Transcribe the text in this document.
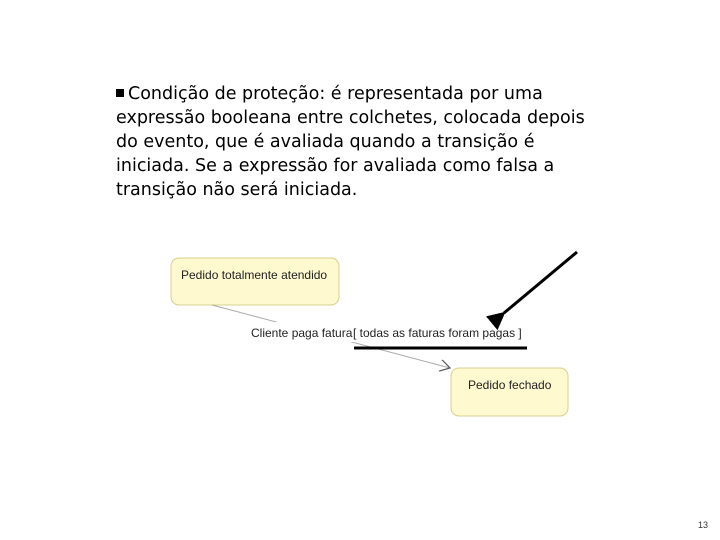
Condição de proteção: é representada por uma expressão booleana entre colchetes, colocada depois do evento, que é avaliada quando a transição é iniciada. Se a expressão for avaliada como falsa a transição não será iniciada.
Pedido totalmente atendido
Pedido fechado
Cliente paga fatura [ todas as faturas foram pagas ]
13
